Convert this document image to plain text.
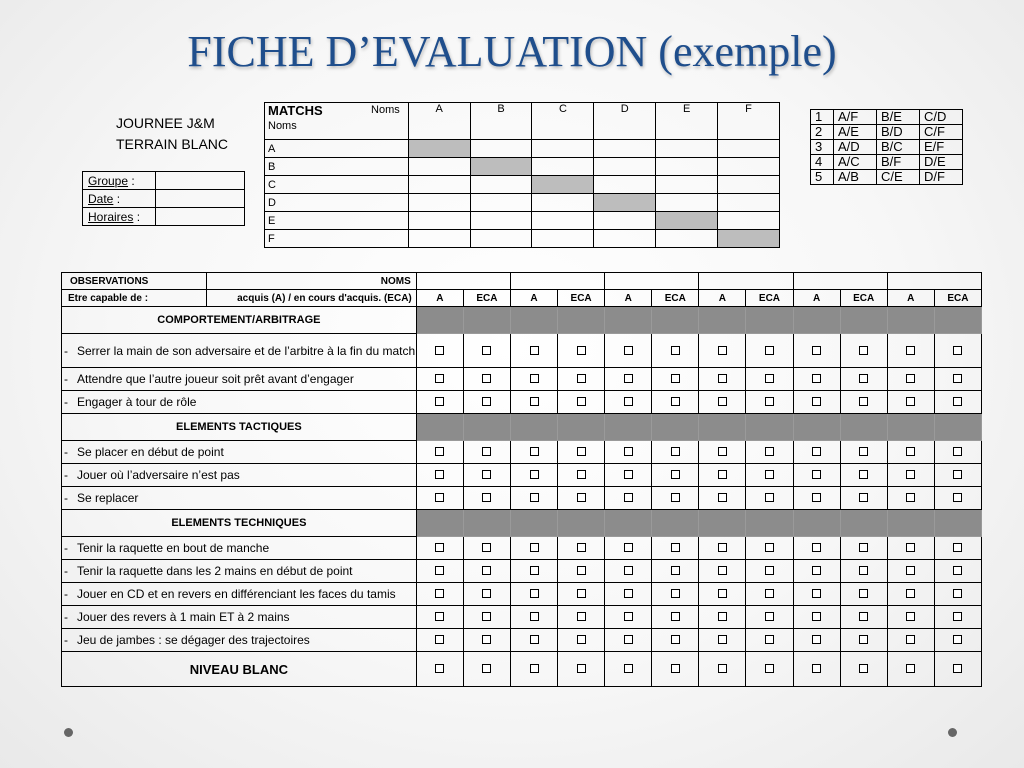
FICHE D’EVALUATION (exemple)
JOURNEE J&M
TERRAIN BLANC
Groupe :	
Date :	
Horaires :	
MATCHS Noms
Noms	A	B	C	D	E	F
A						
B						
C						
D						
E						
F						
1	A/F	B/E	C/D
2	A/E	B/D	C/F
3	A/D	B/C	E/F
4	A/C	B/F	D/E
5	A/B	C/E	D/F
OBSERVATIONS	NOMS												
Etre capable de :	acquis (A) / en cours d'acquis. (ECA)	A	ECA	A	ECA	A	ECA	A	ECA	A	ECA	A	ECA
COMPORTEMENT/ARBITRAGE													
- Serrer la main de son adversaire et de l’arbitre à la fin du match												
- Attendre que l’autre joueur soit prêt avant d’engager												
- Engager à tour de rôle												
ELEMENTS TACTIQUES													
- Se placer en début de point												
- Jouer où l’adversaire n’est pas												
- Se replacer												
ELEMENTS TECHNIQUES													
- Tenir la raquette en bout de manche												
- Tenir la raquette dans les 2 mains en début de point												
- Jouer en CD et en revers en différenciant les faces du tamis												
- Jouer des revers à 1 main ET à 2 mains												
- Jeu de jambes : se dégager des trajectoires												
NIVEAU BLANC													
